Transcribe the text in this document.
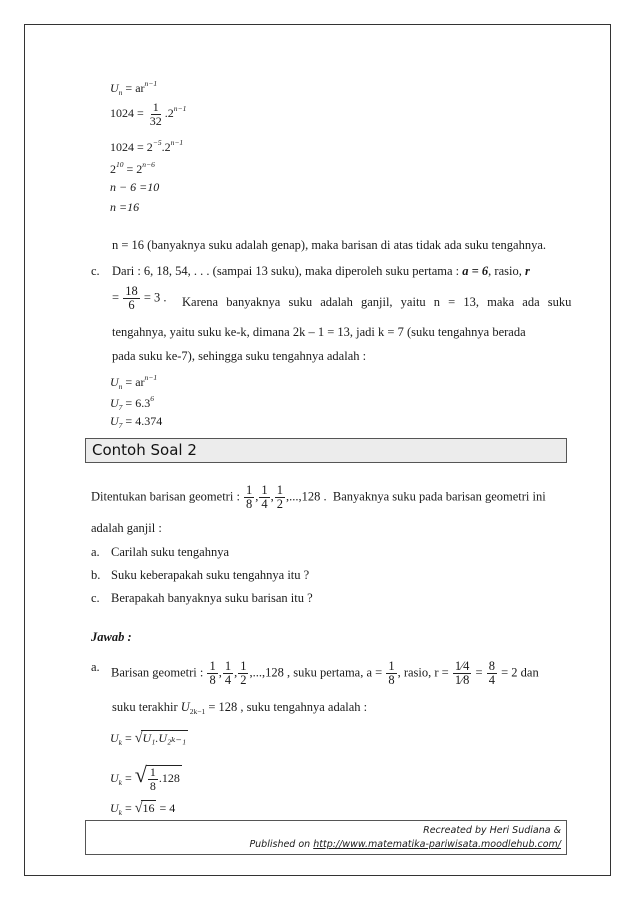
$U_n = ar^{n-1}$
$1024 = \frac{1}{32} .2^{n-1}$
$1024 = 2^{-5}.2^{n-1}$
$2^{10} = 2^{n-6}$
n − 6 =10
n =16
n = 16 (banyaknya suku adalah genap), maka barisan di atas tidak ada suku tengahnya.
c. Dari : 6, 18, 54, . . . (sampai 13 suku), maka diperoleh suku pertama : a = 6, rasio, r
= $\frac{18}{6} = 3$ . Karena banyaknya suku adalah ganjil, yaitu n = 13, maka ada suku
tengahnya, yaitu suku ke-k, dimana 2k – 1 = 13, jadi k = 7 (suku tengahnya berada
pada suku ke-7), sehingga suku tengahnya adalah :
$U_n = ar^{n-1}$
$U_7 = 6.3^6$
$U_7 = 4.374$
Contoh Soal 2
Ditentukan barisan geometri : $\frac{1}{8}$ , $\frac{1}{4}$ , $\frac{1}{2} ,...,128$ . Banyaknya suku pada barisan geometri ini
adalah ganjil :
a. Carilah suku tengahnya
b. Suku keberapakah suku tengahnya itu ?
c. Berapakah banyaknya suku barisan itu ?
Jawab :
a. Barisan geometri : $\frac{1}{8}$ , $\frac{1}{4}$ , $\frac{1}{2} ,...,128$ , suku pertama, $a = \frac{1}{8}$ , rasio, $r = \frac{1⁄4}{1⁄8} = \frac{8}{4} = 2$ dan
suku terakhir $U_{2k-1} = 128$ , suku tengahnya adalah :
$U_k = √U_1.U_{2k-1}$
$U_k$ = √ $\frac{1}{8} .128$
$U_k = √16 = 4$
Recreated by Heri Sudiana &
Published on http://www.matematika-pariwisata.moodlehub.com/
